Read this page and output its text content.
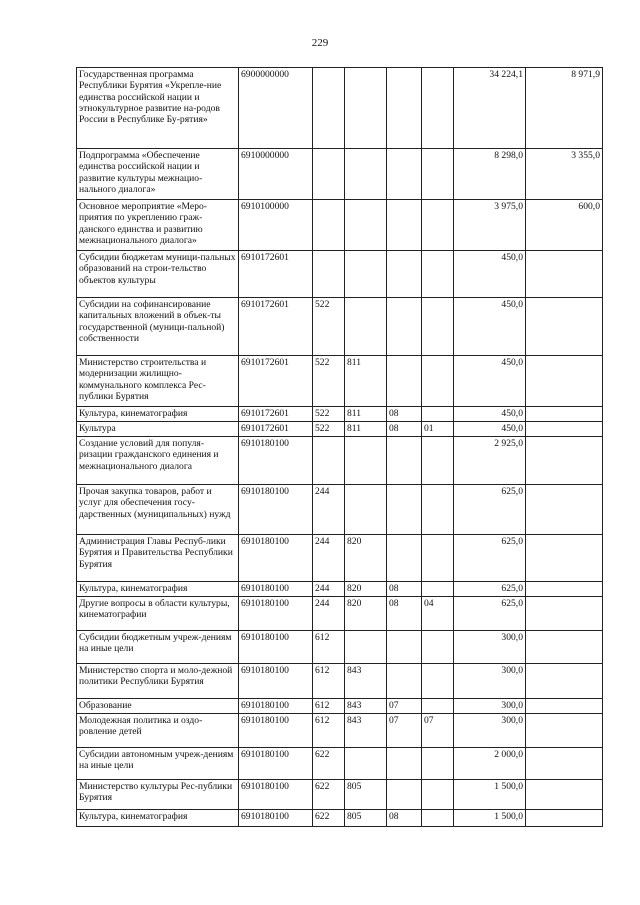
229
Государственная программа Республики Бурятия «Укрепле-ние единства российской нации и этнокультурное развитие на-родов России в Республике Бу-рятия»	6900000000					34 224,1	8 971,9
Подпрограмма «Обеспечение единства российской нации и развитие культуры межнацио-нального диалога»	6910000000					8 298,0	3 355,0
Основное мероприятие «Меро-приятия по укреплению граж-данского единства и развитию межнационального диалога»	6910100000					3 975,0	600,0
Субсидии бюджетам муници-пальных образований на строи-тельство объектов культуры	6910172601					450,0	
Субсидии на софинансирование капитальных вложений в объек-ты государственной (муници-пальной) собственности	6910172601	522				450,0	
Министерство строительства и модернизации жилищно-коммунального комплекса Рес-публики Бурятия	6910172601	522	811			450,0	
Культура, кинематография	6910172601	522	811	08		450,0	
Культура	6910172601	522	811	08	01	450,0	
Создание условий для популя-ризации гражданского единения и межнационального диалога	6910180100					2 925,0	
Прочая закупка товаров, работ и услуг для обеспечения госу-дарственных (муниципальных) нужд	6910180100	244				625,0	
Администрация Главы Респуб-лики Бурятия и Правительства Республики Бурятия	6910180100	244	820			625,0	
Культура, кинематография	6910180100	244	820	08		625,0	
Другие вопросы в области культуры, кинематографии	6910180100	244	820	08	04	625,0	
Субсидии бюджетным учреж-дениям на иные цели	6910180100	612				300,0	
Министерство спорта и моло-дежной политики Республики Бурятия	6910180100	612	843			300,0	
Образование	6910180100	612	843	07		300,0	
Молодежная политика и оздо-ровление детей	6910180100	612	843	07	07	300,0	
Субсидии автономным учреж-дениям на иные цели	6910180100	622				2 000,0	
Министерство культуры Рес-публики Бурятия	6910180100	622	805			1 500,0	
Культура, кинематография	6910180100	622	805	08		1 500,0	
